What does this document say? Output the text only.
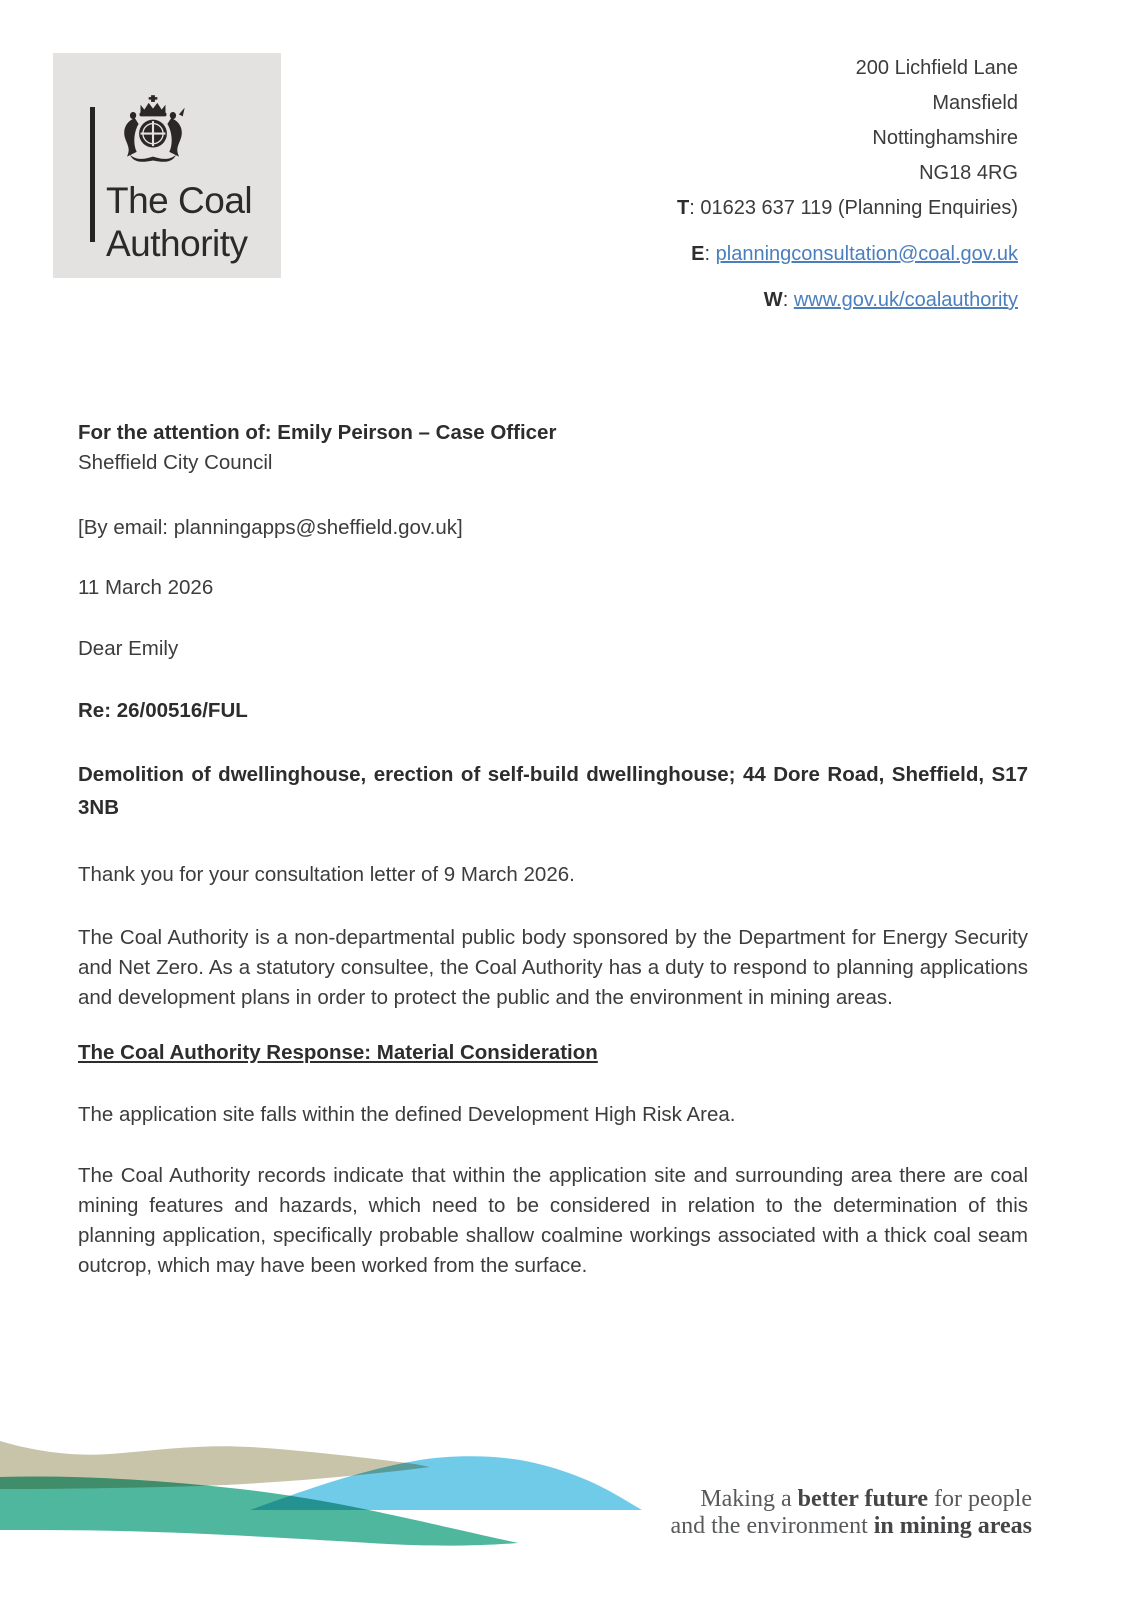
The Coal
Authority
200 Lichfield Lane
Mansfield
Nottinghamshire
NG18 4RG
T: 01623 637 119 (Planning Enquiries)
E: planningconsultation@coal.gov.uk
W: www.gov.uk/coalauthority
For the attention of: Emily Peirson – Case Officer
Sheffield City Council
[By email: planningapps@sheffield.gov.uk]
11 March 2026
Dear Emily
Re: 26/00516/FUL
Demolition of dwellinghouse, erection of self-build dwellinghouse; 44 Dore Road, Sheffield, S17 3NB
Thank you for your consultation letter of 9 March 2026.
The Coal Authority is a non-departmental public body sponsored by the Department for Energy Security and Net Zero. As a statutory consultee, the Coal Authority has a duty to respond to planning applications and development plans in order to protect the public and the environment in mining areas.
The Coal Authority Response: Material Consideration
The application site falls within the defined Development High Risk Area.
The Coal Authority records indicate that within the application site and surrounding area there are coal mining features and hazards, which need to be considered in relation to the determination of this planning application, specifically probable shallow coalmine workings associated with a thick coal seam outcrop, which may have been worked from the surface.
Making a better future for people
and the environment in mining areas
